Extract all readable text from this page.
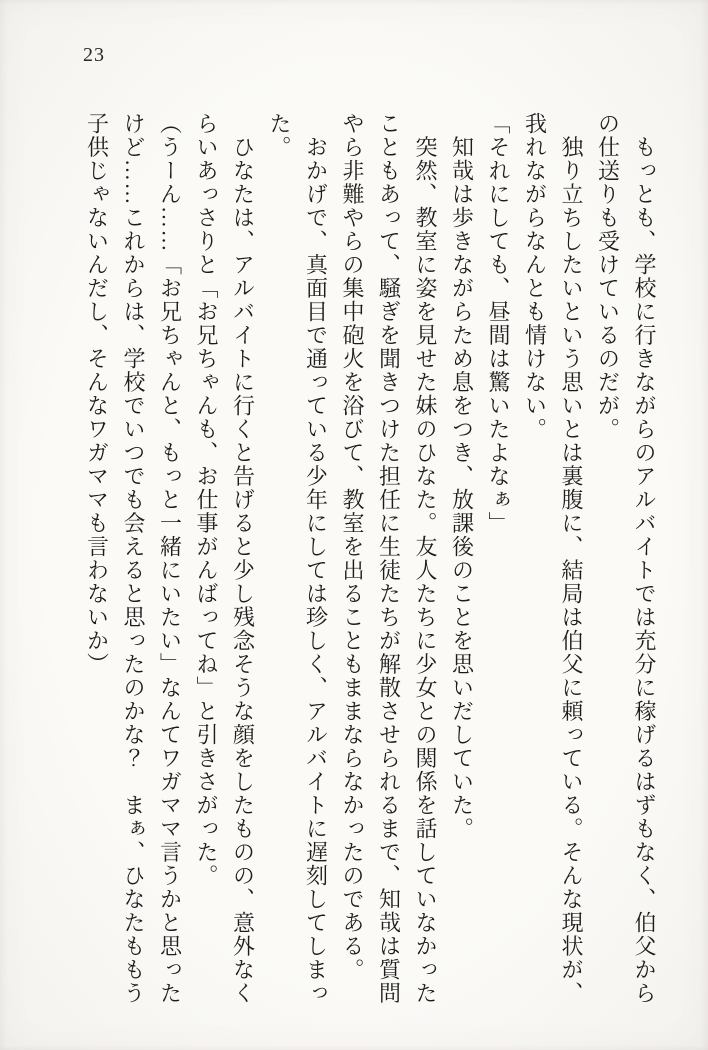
23
　もっとも、学校に行きながらのアルバイトでは充分に稼げるはずもなく、伯父から
の仕送りも受けているのだが。
　独り立ちしたいという思いとは裏腹に、結局は伯父に頼っている。そんな現状が、
我れながらなんとも情けない。
「それにしても、昼間は驚いたよなぁ」
　知哉は歩きながらため息をつき、放課後のことを思いだしていた。
　突然、教室に姿を見せた妹のひなた。友人たちに少女との関係を話していなかった
こともあって、騒ぎを聞きつけた担任に生徒たちが解散させられるまで、知哉は質問
やら非難やらの集中砲火を浴びて、教室を出ることもままならなかったのである。
　おかげで、真面目で通っている少年にしては珍しく、アルバイトに遅刻してしまっ
た。
　ひなたは、アルバイトに行くと告げると少し残念そうな顔をしたものの、意外なく
らいあっさりと「お兄ちゃんも、お仕事がんばってね」と引きさがった。
（うーん……「お兄ちゃんと、もっと一緒にいたい」なんてワガママ言うかと思った
けど……これからは、学校でいつでも会えると思ったのかな？　まぁ、ひなたももう
子供じゃないんだし、そんなワガママも言わないか）
